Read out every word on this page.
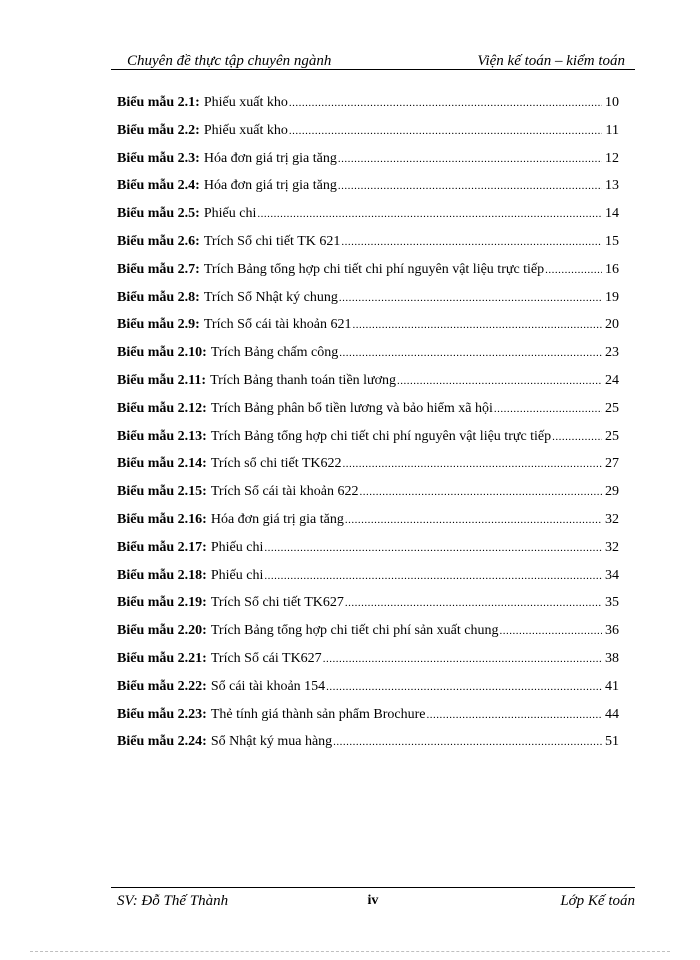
Chuyên đề thực tập chuyên ngành	Viện kế toán – kiểm toán
Biểu mẫu 2.1: Phiếu xuất kho .....	10
Biểu mẫu 2.2: Phiếu xuất kho .....	11
Biểu mẫu 2.3: Hóa đơn giá trị gia tăng .....	12
Biểu mẫu 2.4: Hóa đơn giá trị gia tăng .....	13
Biểu mẫu 2.5: Phiếu chi .....	14
Biểu mẫu 2.6: Trích Sổ chi tiết TK 621 .....	15
Biểu mẫu 2.7: Trích Bảng tổng hợp chi tiết chi phí nguyên vật liệu trực tiếp .....	16
Biểu mẫu 2.8: Trích Sổ Nhật ký chung .....	19
Biểu mẫu 2.9: Trích Sổ cái tài khoản 621 .....	20
Biểu mẫu 2.10: Trích Bảng chấm công .....	23
Biểu mẫu 2.11: Trích Bảng thanh toán tiền lương .....	24
Biểu mẫu 2.12: Trích Bảng phân bổ tiền lương và bảo hiểm xã hội .....	25
Biểu mẫu 2.13: Trích Bảng tổng hợp chi tiết chi phí nguyên vật liệu trực tiếp .....	25
Biểu mẫu 2.14: Trích sổ chi tiết TK622 .....	27
Biểu mẫu 2.15: Trích Sổ cái tài khoản 622 .....	29
Biểu mẫu 2.16: Hóa đơn giá trị gia tăng .....	32
Biểu mẫu 2.17: Phiếu chi .....	32
Biểu mẫu 2.18: Phiếu chi .....	34
Biểu mẫu 2.19: Trích Sổ chi tiết TK627 .....	35
Biểu mẫu 2.20: Trích Bảng tổng hợp chi tiết chi phí sản xuất chung .....	36
Biểu mẫu 2.21: Trích Sổ cái TK627 .....	38
Biểu mẫu 2.22: Sổ cái tài khoản 154 .....	41
Biểu mẫu 2.23: Thẻ tính giá thành sản phẩm Brochure .....	44
Biểu mẫu 2.24: Sổ Nhật ký mua hàng .....	51
SV: Đỗ Thế Thành	iv	Lớp Kế toán
